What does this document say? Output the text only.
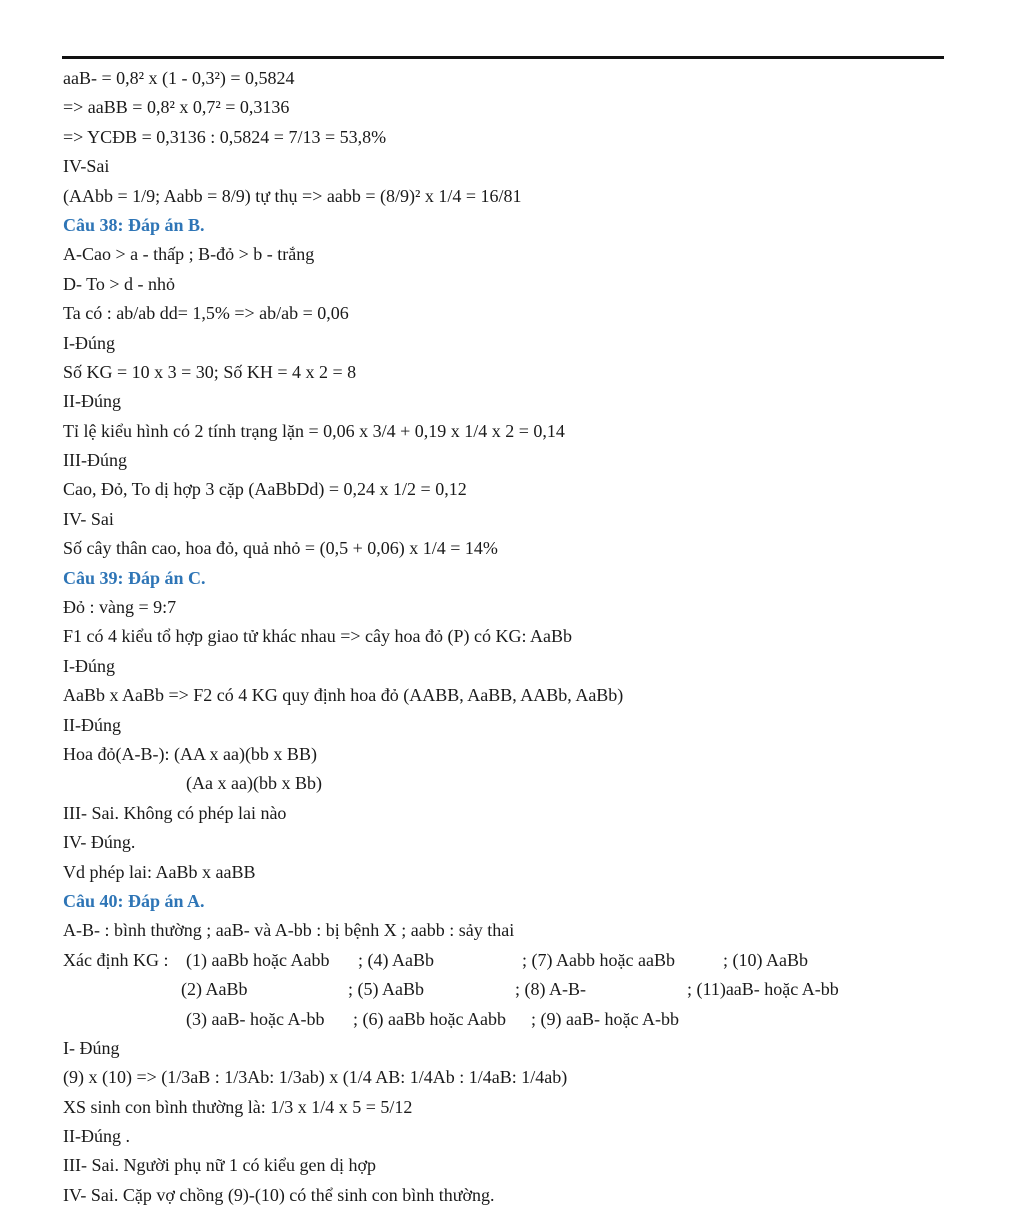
aaB- = 0,8² x (1 - 0,3²) = 0,5824
=> aaBB = 0,8² x 0,7² = 0,3136
=> YCĐB = 0,3136 : 0,5824 = 7/13 = 53,8%
IV-Sai
(AAbb = 1/9; Aabb = 8/9) tự thụ => aabb = (8/9)² x 1/4 = 16/81
Câu 38: Đáp án B.
A-Cao > a - thấp ; B-đỏ > b - trắng
D- To > d - nhỏ
Ta có : ab/ab dd= 1,5% => ab/ab = 0,06
I-Đúng
Số KG = 10 x 3 = 30; Số KH = 4 x 2 = 8
II-Đúng
Tỉ lệ kiểu hình có 2 tính trạng lặn = 0,06 x 3/4 + 0,19 x 1/4 x 2 = 0,14
III-Đúng
Cao, Đỏ, To dị hợp 3 cặp (AaBbDd) = 0,24 x 1/2 = 0,12
IV- Sai
Số cây thân cao, hoa đỏ, quả nhỏ = (0,5 + 0,06) x 1/4 = 14%
Câu 39: Đáp án C.
Đỏ : vàng = 9:7
F1 có 4 kiểu tổ hợp giao tử khác nhau => cây hoa đỏ (P) có KG: AaBb
I-Đúng
AaBb x AaBb => F2 có 4 KG quy định hoa đỏ (AABB, AaBB, AABb, AaBb)
II-Đúng
Hoa đỏ(A-B-): (AA x aa)(bb x BB)
(Aa x aa)(bb x Bb)
III- Sai. Không có phép lai nào
IV- Đúng.
Vd phép lai: AaBb x aaBB
Câu 40: Đáp án A.
A-B- : bình thường ; aaB- và A-bb : bị bệnh X ; aabb : sảy thai
Xác định KG : (1) aaBb hoặc Aabb ; (4) AaBb	; (7) Aabb hoặc aaBb	; (10) AaBb
(2) AaBb	; (5) AaBb	; (8) A-B-	; (11)aaB- hoặc A-bb
(3) aaB- hoặc A-bb ; (6) aaBb hoặc Aabb ; (9) aaB- hoặc A-bb
I- Đúng
(9) x (10) => (1/3aB : 1/3Ab: 1/3ab) x (1/4 AB: 1/4Ab : 1/4aB: 1/4ab)
XS sinh con bình thường là: 1/3 x 1/4 x 5 = 5/12
II-Đúng .
III- Sai. Người phụ nữ 1 có kiểu gen dị hợp
IV- Sai. Cặp vợ chồng (9)-(10) có thể sinh con bình thường.
